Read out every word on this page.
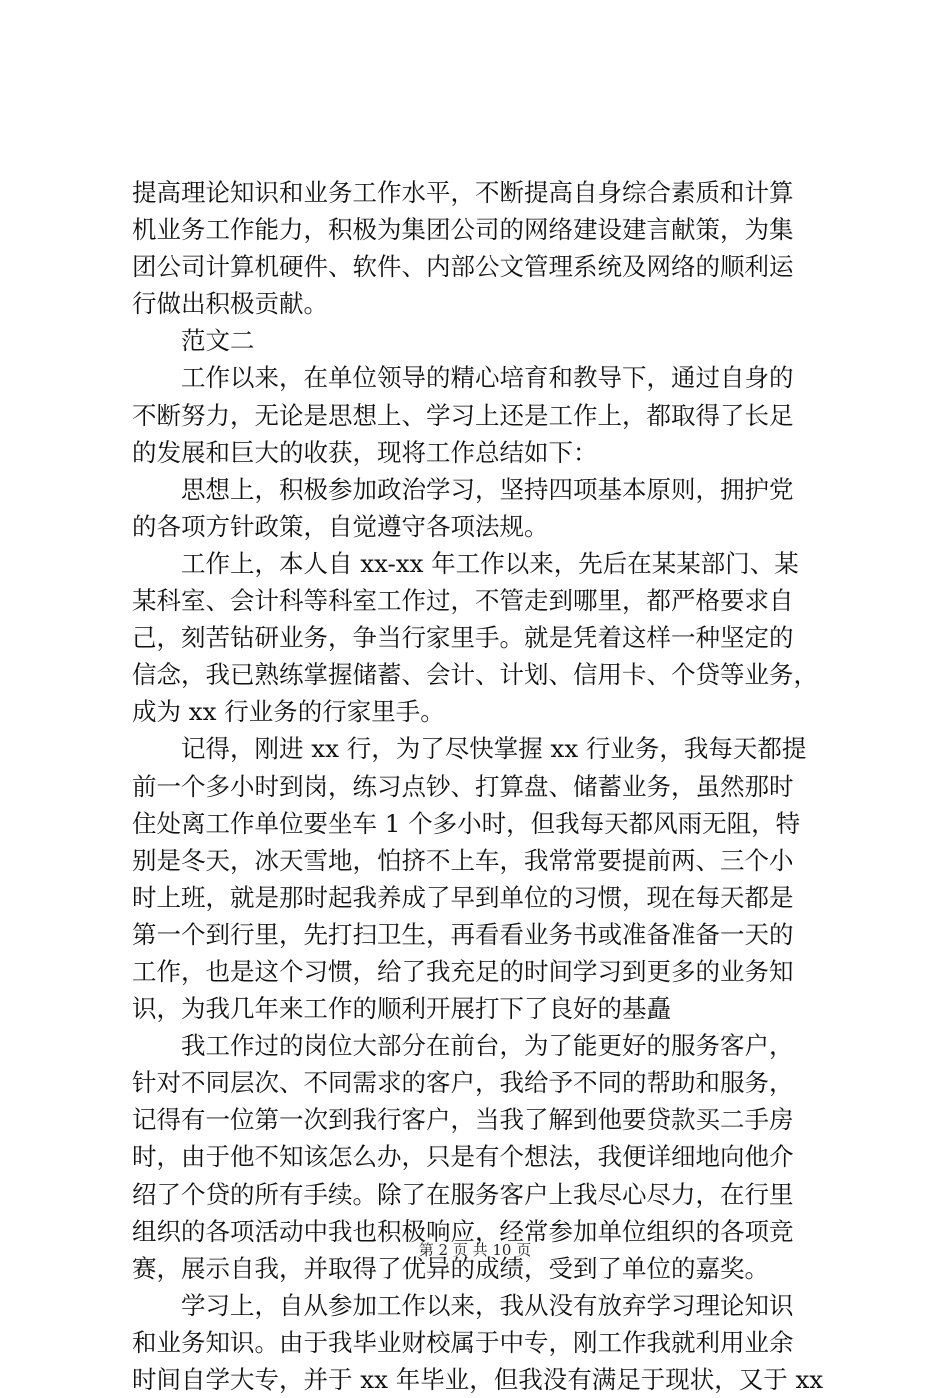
提高理论知识和业务工作水平，不断提高自身综合素质和计算
机业务工作能力，积极为集团公司的网络建设建言献策，为集
团公司计算机硬件、软件、内部公文管理系统及网络的顺利运
行做出积极贡献。
　　范文二
　　工作以来，在单位领导的精心培育和教导下，通过自身的
不断努力，无论是思想上、学习上还是工作上，都取得了长足
的发展和巨大的收获，现将工作总结如下：
　　思想上，积极参加政治学习，坚持四项基本原则，拥护党
的各项方针政策，自觉遵守各项法规。
　　工作上，本人自 xx-xx 年工作以来，先后在某某部门、某
某科室、会计科等科室工作过，不管走到哪里，都严格要求自
己，刻苦钻研业务，争当行家里手。就是凭着这样一种坚定的
信念，我已熟练掌握储蓄、会计、计划、信用卡、个贷等业务，
成为 xx 行业务的行家里手。
　　记得，刚进 xx 行，为了尽快掌握 xx 行业务，我每天都提
前一个多小时到岗，练习点钞、打算盘、储蓄业务，虽然那时
住处离工作单位要坐车 1 个多小时，但我每天都风雨无阻，特
别是冬天，冰天雪地，怕挤不上车，我常常要提前两、三个小
时上班，就是那时起我养成了早到单位的习惯，现在每天都是
第一个到行里，先打扫卫生，再看看业务书或准备准备一天的
工作，也是这个习惯，给了我充足的时间学习到更多的业务知
识，为我几年来工作的顺利开展打下了良好的基矗
　　我工作过的岗位大部分在前台，为了能更好的服务客户，
针对不同层次、不同需求的客户，我给予不同的帮助和服务，
记得有一位第一次到我行客户，当我了解到他要贷款买二手房
时，由于他不知该怎么办，只是有个想法，我便详细地向他介
绍了个贷的所有手续。除了在服务客户上我尽心尽力，在行里
组织的各项活动中我也积极响应，经常参加单位组织的各项竞
赛，展示自我，并取得了优异的成绩，受到了单位的嘉奖。
　　学习上，自从参加工作以来，我从没有放弃学习理论知识
和业务知识。由于我毕业财校属于中专，刚工作我就利用业余
时间自学大专，并于 xx 年毕业，但我没有满足于现状，又于 xx
第 2 页 共 10 页
